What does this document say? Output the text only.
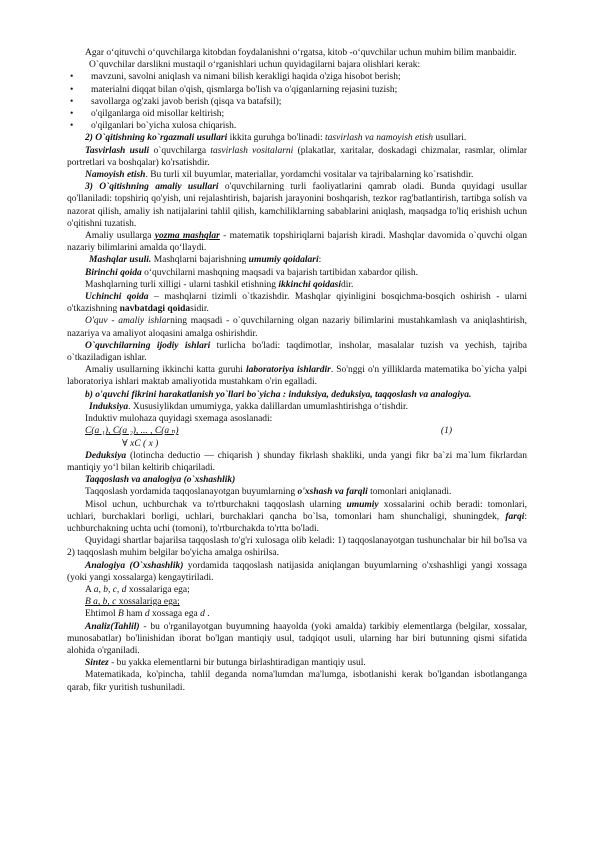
Agar o‘qituvchi o‘quvchilarga kitobdan foydalanishni o‘rgatsa, kitob -o‘quvchilar uchun muhim bilim manbaidir.

O`quvchilar darslikni mustaqil o‘rganishlari uchun quyidagilarni bajara olishlari kerak:

• mavzuni, savolni aniqlash va nimani bilish kerakligi haqida o'ziga hisobot berish;

• materialni diqqat bilan o'qish, qismlarga bo'lish va o'qiganlarning rejasini tuzish;

• savollarga og'zaki javob berish (qisqa va batafsil);

• o'qilganlarga oid misollar keltirish;

• o'qilganlari bo`yicha xulosa chiqarish.

2) O`qitishning ko`rgazmali usullari ikkita guruhga bo'linadi: tasvirlash va namoyish etish usullari.

Tasvirlash usuli o`quvchilarga tasvirlash vositalarni (plakatlar, xaritalar, doskadagi chizmalar, rasmlar, olimlar portretlari va boshqalar) ko'rsatishdir.

Namoyish etish. Bu turli xil buyumlar, materiallar, yordamchi vositalar va tajribalarning ko`rsatishdir.

3) O`qitishning amaliy usullari o'quvchilarning turli faoliyatlarini qamrab oladi. Bunda quyidagi usullar qo'llaniladi: topshiriq qo'yish, uni rejalashtirish, bajarish jarayonini boshqarish, tezkor rag'batlantirish, tartibga solish va nazorat qilish, amaliy ish natijalarini tahlil qilish, kamchiliklarning sabablarini aniqlash, maqsadga to'liq erishish uchun o'qitishni tuzatish.

Amaliy usullarga yozma mashqlar - matematik topshiriqlarni bajarish kiradi. Mashqlar davomida o`quvchi olgan nazariy bilimlarini amalda qo‘llaydi.

Mashqlar usuli. Mashqlarni bajarishning umumiy qoidalari:

Birinchi qoida o‘quvchilarni mashqning maqsadi va bajarish tartibidan xabardor qilish.

Mashqlarning turli xilligi - ularni tashkil etishning ikkinchi qoidasidir.

Uchinchi qoida – mashqlarni tizimli o`tkazishdir. Mashqlar qiyinligini bosqichma-bosqich oshirish - ularni o'tkazishning navbatdagi qoidasidir.

O'quv - amaliy ishlarning maqsadi - o`quvchilarning olgan nazariy bilimlarini mustahkamlash va aniqlashtirish, nazariya va amaliyot aloqasini amalga oshirishdir.

O`quvchilarning ijodiy ishlari turlicha bo'ladi: taqdimotlar, insholar, masalalar tuzish va yechish, tajriba o`tkaziladigan ishlar.

Amaliy usullarning ikkinchi katta guruhi laboratoriya ishlardir. So'nggi o'n yilliklarda matematika bo`yicha yalpi laboratoriya ishlari maktab amaliyotida mustahkam o'rin egalladi.

b) o'quvchi fikrini harakatlanish yo`llari bo`yicha : induksiya, deduksiya, taqqoslash va analogiya.

Induksiya. Xususiylikdan umumiyga, yakka dalillardan umumlashtirishga o‘tishdir.

Induktiv mulohaza quyidagi sxemaga asoslanadi:

C(a ₁), C(a ₂), ... , C(a ₙ)	(1)

∀ xC ( x )

Deduksiya (lotincha deductio — chiqarish ) shunday fikrlash shakliki, unda yangi fikr ba`zi ma`lum fikrlardan mantiqiy yo‘l bilan keltirib chiqariladi.

Taqqoslash va analogiya (o`xshashlik)

Taqqoslash yordamida taqqoslanayotgan buyumlarning o'xshash va farqli tomonlari aniqlanadi.

Misol uchun, uchburchak va to'rtburchakni taqqoslash ularning umumiy xossalarini ochib beradi: tomonlari, uchlari, burchaklari borligi, uchlari, burchaklari qancha bo`lsa, tomonlari ham shunchaligi, shuningdek, farqi: uchburchakning uchta uchi (tomoni), to'rtburchakda to'rtta bo'ladi.

Quyidagi shartlar bajarilsa taqqoslash to'g'ri xulosaga olib keladi: 1) taqqoslanayotgan tushunchalar bir hil bo'lsa va 2) taqqoslash muhim belgilar bo'yicha amalga oshirilsa.

Analogiya (O`xshashlik) yordamida taqqoslash natijasida aniqlangan buyumlarning o'xshashligi yangi xossaga (yoki yangi xossalarga) kengaytiriladi.

A a, b, c, d xossalariga ega;

B a, b, c xossalariga ega;

Ehtimol B ham d xossaga ega d .

Analiz(Tahlil) - bu o'rganilayotgan buyumning haayolda (yoki amalda) tarkibiy elementlarga (belgilar, xossalar, munosabatlar) bo'linishidan iborat bo'lgan mantiqiy usul, tadqiqot usuli, ularning har biri butunning qismi sifatida alohida o'rganiladi.

Sintez - bu yakka elementlarni bir butunga birlashtiradigan mantiqiy usul.

Matematikada, ko'pincha, tahlil deganda noma'lumdan ma'lumga, isbotlanishi kerak bo'lgandan isbotlanganga qarab, fikr yuritish tushuniladi.
